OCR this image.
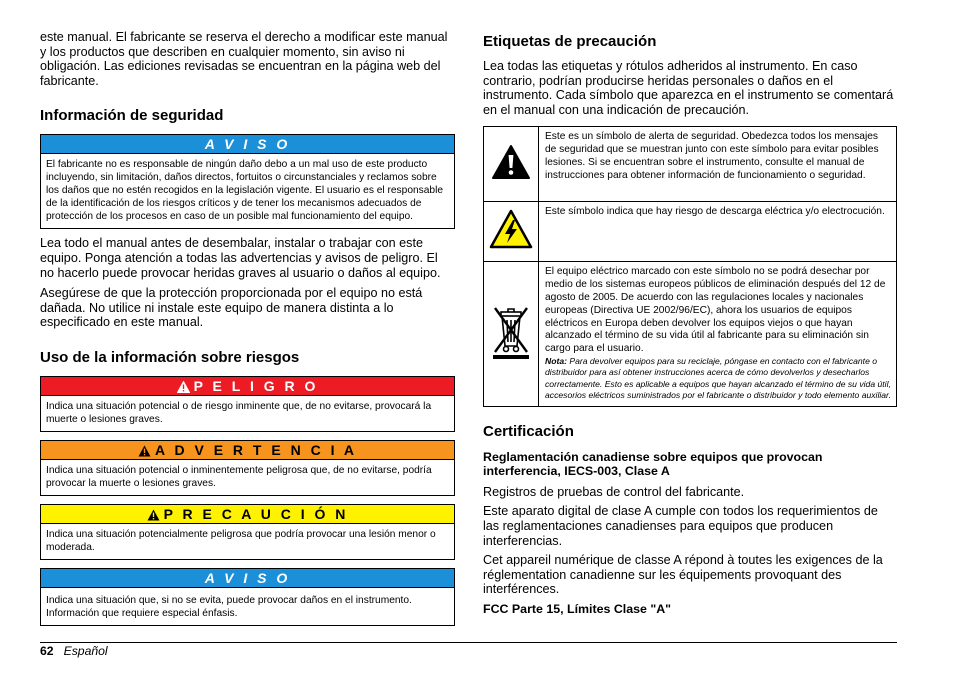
este manual. El fabricante se reserva el derecho a modificar este manual y los productos que describen en cualquier momento, sin aviso ni obligación. Las ediciones revisadas se encuentran en la página web del fabricante.

Información de seguridad
A V I S O
El fabricante no es responsable de ningún daño debo a un mal uso de este producto incluyendo, sin limitación, daños directos, fortuitos o circunstanciales y reclamos sobre los daños que no estén recogidos en la legislación vigente. El usuario es el responsable de la identificación de los riesgos críticos y de tener los mecanismos adecuados de protección de los procesos en caso de un posible mal funcionamiento del equipo.

Lea todo el manual antes de desembalar, instalar o trabajar con este equipo. Ponga atención a todas las advertencias y avisos de peligro. El no hacerlo puede provocar heridas graves al usuario o daños al equipo.

Asegúrese de que la protección proporcionada por el equipo no está dañada. No utilice ni instale este equipo de manera distinta a lo especificado en este manual.

Uso de la información sobre riesgos
P E L I G R O
Indica una situación potencial o de riesgo inminente que, de no evitarse, provocará la muerte o lesiones graves.
A D V E R T E N C I A
Indica una situación potencial o inminentemente peligrosa que, de no evitarse, podría provocar la muerte o lesiones graves.
P R E C A U C I Ó N
Indica una situación potencialmente peligrosa que podría provocar una lesión menor o moderada.
A V I S O
Indica una situación que, si no se evita, puede provocar daños en el instrumento. Información que requiere especial énfasis.
Etiquetas de precaución

Lea todas las etiquetas y rótulos adheridos al instrumento. En caso contrario, podrían producirse heridas personales o daños en el instrumento. Cada símbolo que aparezca en el instrumento se comentará en el manual con una indicación de precaución.

	Este es un símbolo de alerta de seguridad. Obedezca todos los mensajes de seguridad que se muestran junto con este símbolo para evitar posibles lesiones. Si se encuentran sobre el instrumento, consulte el manual de instrucciones para obtener información de funcionamiento o seguridad.
	Este símbolo indica que hay riesgo de descarga eléctrica y/o electrocución.

El equipo eléctrico marcado con este símbolo no se podrá desechar por medio de los sistemas europeos públicos de eliminación después del 12 de agosto de 2005. De acuerdo con las regulaciones locales y nacionales europeas (Directiva UE 2002/96/EC), ahora los usuarios de equipos eléctricos en Europa deben devolver los equipos viejos o que hayan alcanzado el término de su vida útil al fabricante para su eliminación sin cargo para el usuario.
Nota: Para devolver equipos para su reciclaje, póngase en contacto con el fabricante o distribuidor para así obtener instrucciones acerca de cómo devolverlos y desecharlos correctamente. Esto es aplicable a equipos que hayan alcanzado el término de su vida útil, accesorios eléctricos suministrados por el fabricante o distribuidor y todo elemento auxiliar.
Certificación
Reglamentación canadiense sobre equipos que provocan interferencia, IECS-003, Clase A

Registros de pruebas de control del fabricante.

Este aparato digital de clase A cumple con todos los requerimientos de las reglamentaciones canadienses para equipos que producen interferencias.

Cet appareil numérique de classe A répond à toutes les exigences de la réglementation canadienne sur les équipements provoquant des interférences.

FCC Parte 15, Límites Clase "A"
62 Español
